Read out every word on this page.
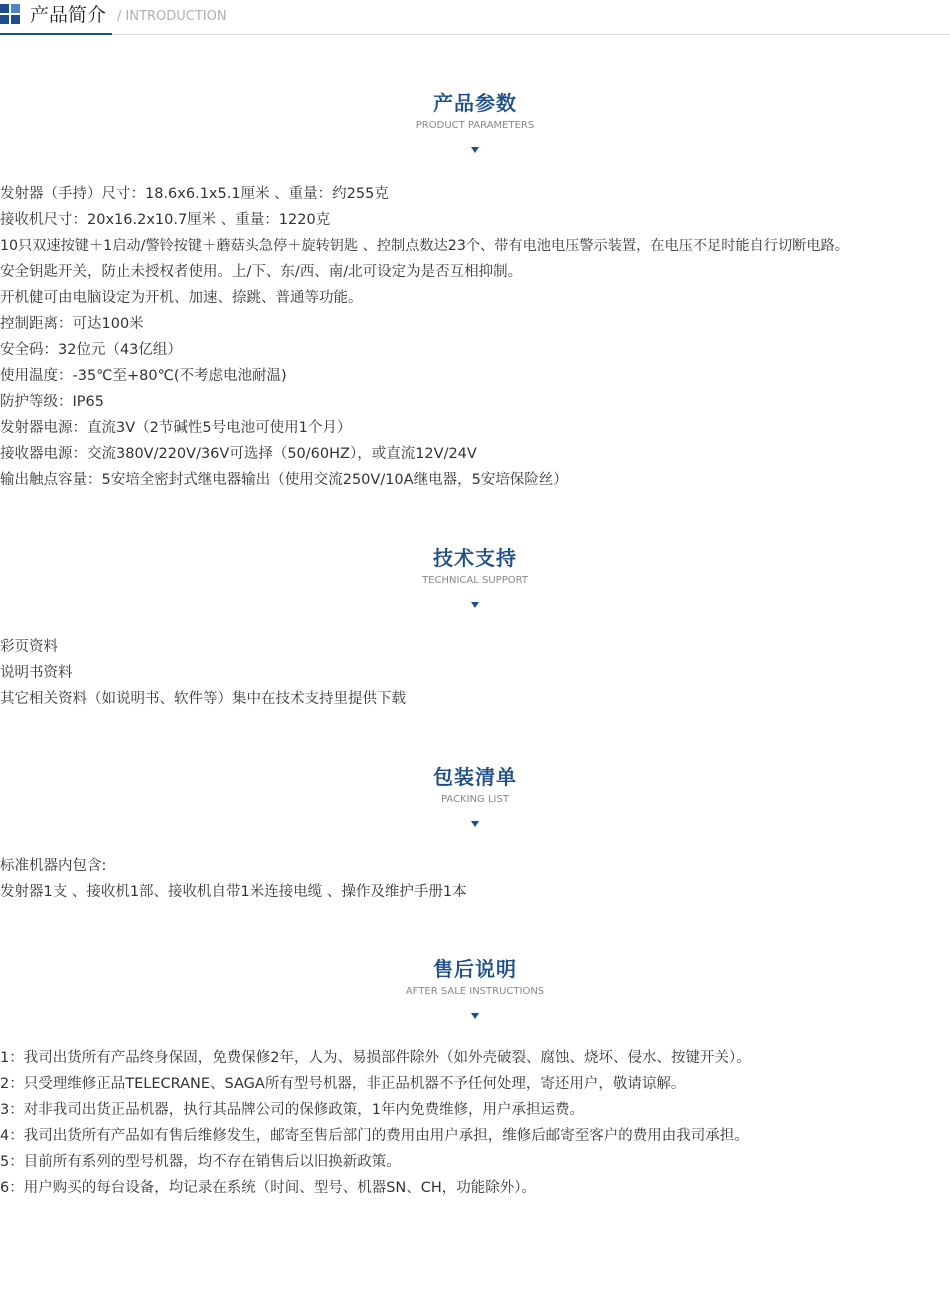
产品简介 / INTRODUCTION
产品参数
PRODUCT PARAMETERS
发射器（手持）尺寸：18.6x6.1x5.1厘米 、重量：约255克
接收机尺寸：20x16.2x10.7厘米 、重量：1220克
10只双速按键＋1启动/警铃按键＋蘑菇头急停＋旋转钥匙 、控制点数达23个、带有电池电压警示装置，在电压不足时能自行切断电路。
安全钥匙开关，防止未授权者使用。上/下、东/西、南/北可设定为是否互相抑制。
开机健可由电脑设定为开机、加速、捺跳、普通等功能。
控制距离：可达100米
安全码：32位元（43亿组）
使用温度：-35℃至+80℃(不考虑电池耐温)
防护等级：IP65
发射器电源：直流3V（2节碱性5号电池可使用1个月）
接收器电源：交流380V/220V/36V可选择（50/60HZ），或直流12V/24V
输出触点容量：5安培全密封式继电器输出（使用交流250V/10A继电器，5安培保险丝）
技术支持
TECHNICAL SUPPORT
彩页资料
说明书资料
其它相关资料（如说明书、软件等）集中在技术支持里提供下载
包装清单
PACKING LIST
标准机器内包含:
发射器1支 、接收机1部、接收机自带1米连接电缆 、操作及维护手册1本
售后说明
AFTER SALE INSTRUCTIONS
1：我司出货所有产品终身保固，免费保修2年，人为、易损部件除外（如外壳破裂、腐蚀、烧坏、侵水、按键开关）。
2：只受理维修正品TELECRANE、SAGA所有型号机器，非正品机器不予任何处理，寄还用户，敬请谅解。
3：对非我司出货正品机器，执行其品牌公司的保修政策，1年内免费维修，用户承担运费。
4：我司出货所有产品如有售后维修发生，邮寄至售后部门的费用由用户承担，维修后邮寄至客户的费用由我司承担。
5：目前所有系列的型号机器，均不存在销售后以旧换新政策。
6：用户购买的每台设备，均记录在系统（时间、型号、机器SN、CH，功能除外）。
